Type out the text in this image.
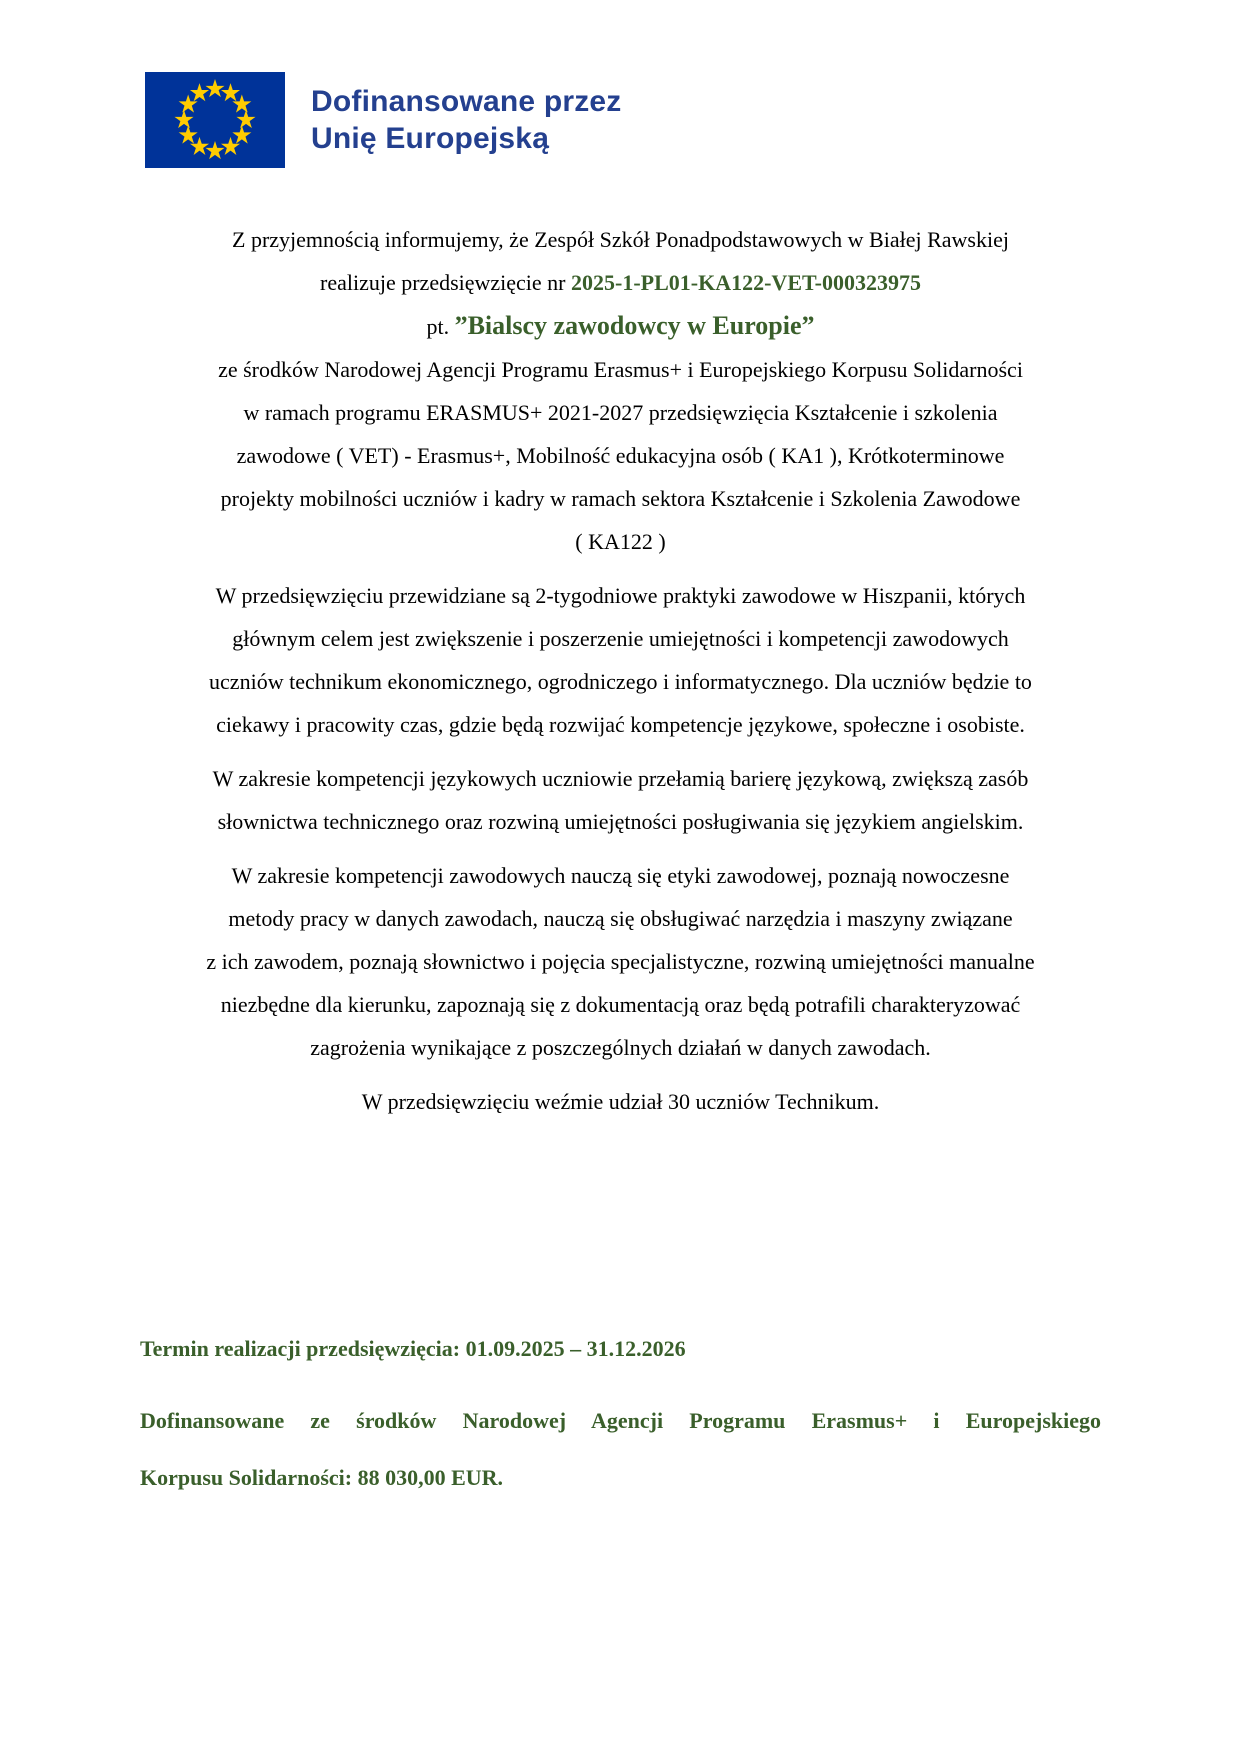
Dofinansowane przez
Unię Europejską
Z przyjemnością informujemy, że Zespół Szkół Ponadpodstawowych w Białej Rawskiej
realizuje przedsięwzięcie nr 2025-1-PL01-KA122-VET-000323975
pt. ”Bialscy zawodowcy w Europie”
ze środków Narodowej Agencji Programu Erasmus+ i Europejskiego Korpusu Solidarności
w ramach programu ERASMUS+ 2021-2027 przedsięwzięcia Kształcenie i szkolenia
zawodowe ( VET) - Erasmus+, Mobilność edukacyjna osób ( KA1 ), Krótkoterminowe
projekty mobilności uczniów i kadry w ramach sektora Kształcenie i Szkolenia Zawodowe
( KA122 )
W przedsięwzięciu przewidziane są 2-tygodniowe praktyki zawodowe w Hiszpanii, których
głównym celem jest zwiększenie i poszerzenie umiejętności i kompetencji zawodowych
uczniów technikum ekonomicznego, ogrodniczego i informatycznego. Dla uczniów będzie to
ciekawy i pracowity czas, gdzie będą rozwijać kompetencje językowe, społeczne i osobiste.
W zakresie kompetencji językowych uczniowie przełamią barierę językową, zwiększą zasób
słownictwa technicznego oraz rozwiną umiejętności posługiwania się językiem angielskim.
W zakresie kompetencji zawodowych nauczą się etyki zawodowej, poznają nowoczesne
metody pracy w danych zawodach, nauczą się obsługiwać narzędzia i maszyny związane
z ich zawodem, poznają słownictwo i pojęcia specjalistyczne, rozwiną umiejętności manualne
niezbędne dla kierunku, zapoznają się z dokumentacją oraz będą potrafili charakteryzować
zagrożenia wynikające z poszczególnych działań w danych zawodach.
W przedsięwzięciu weźmie udział 30 uczniów Technikum.
Termin realizacji przedsięwzięcia: 01.09.2025 – 31.12.2026
Dofinansowane ze środków Narodowej Agencji Programu Erasmus+ i Europejskiego
Korpusu Solidarności: 88 030,00 EUR.
